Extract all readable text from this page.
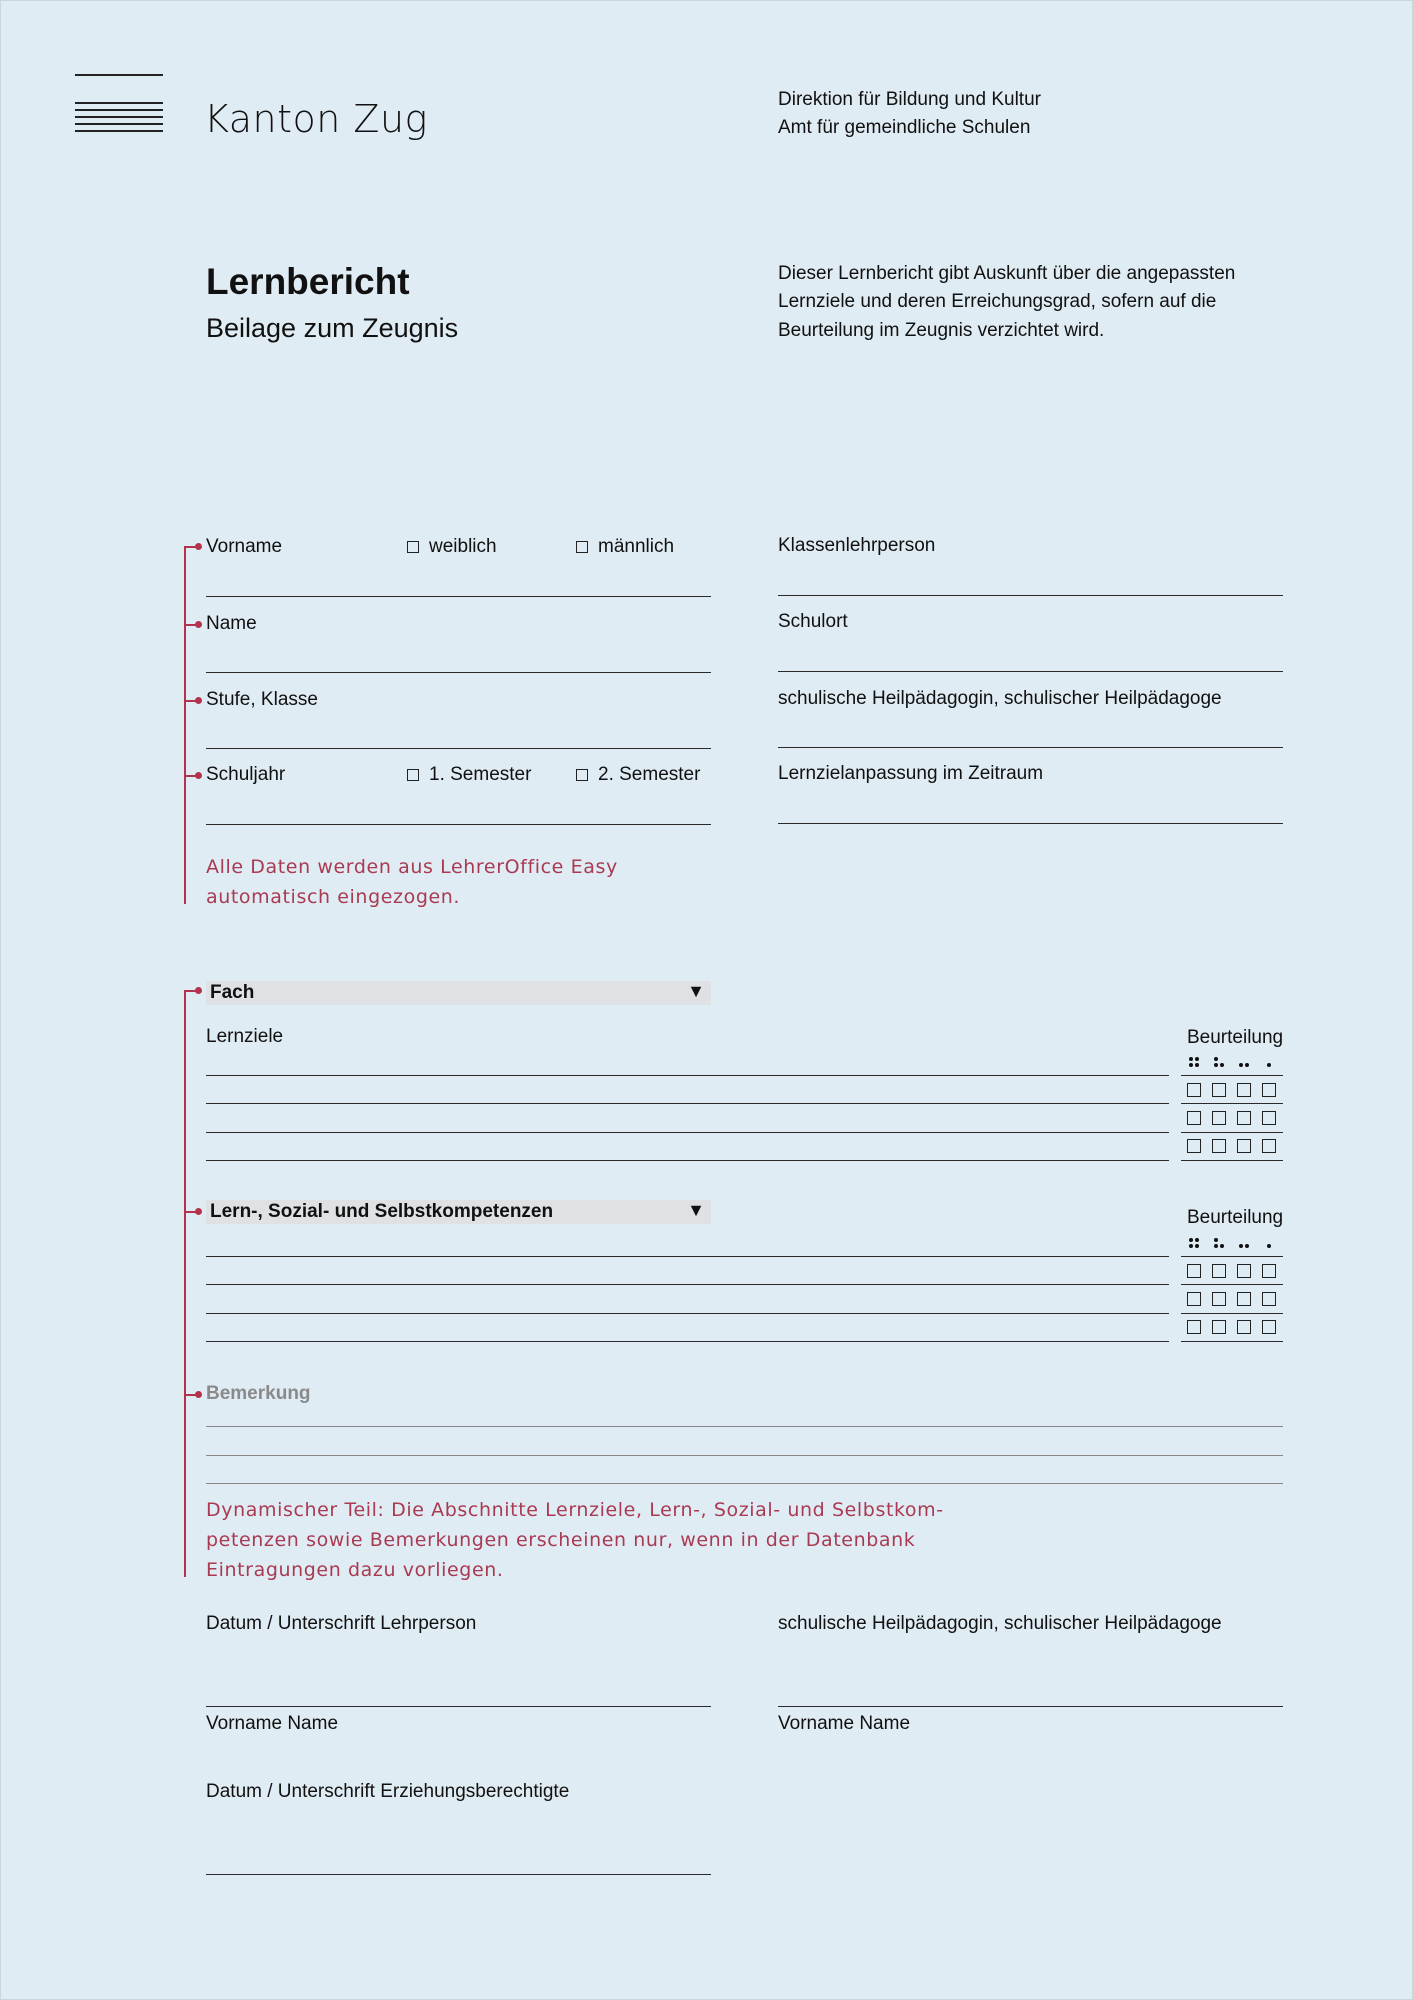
Kanton Zug	Direktion für Bildung und Kultur
Amt für gemeindliche Schulen
Lernbericht
Beilage zum Zeugnis
Dieser Lernbericht gibt Auskunft über die angepassten
Lernziele und deren Erreichungsgrad, sofern auf die
Beurteilung im Zeugnis verzichtet wird.
Vorname	weiblich	männlich
Name
Stufe, Klasse
Schuljahr	1. Semester	2. Semester
Klassenlehrperson
Schulort
schulische Heilpädagogin, schulischer Heilpädagoge
Lernzielanpassung im Zeitraum
Alle Daten werden aus LehrerOffice Easy
automatisch eingezogen.
Fach	▼
Lernziele	Beurteilung
Lern-, Sozial- und Selbstkompetenzen	▼	Beurteilung
Bemerkung
Dynamischer Teil: Die Abschnitte Lernziele, Lern-, Sozial- und Selbstkom-
petenzen sowie Bemerkungen erscheinen nur, wenn in der Datenbank
Eintragungen dazu vorliegen.
Datum / Unterschrift Lehrperson	schulische Heilpädagogin, schulischer Heilpädagoge
Vorname Name	Vorname Name
Datum / Unterschrift Erziehungsberechtigte
